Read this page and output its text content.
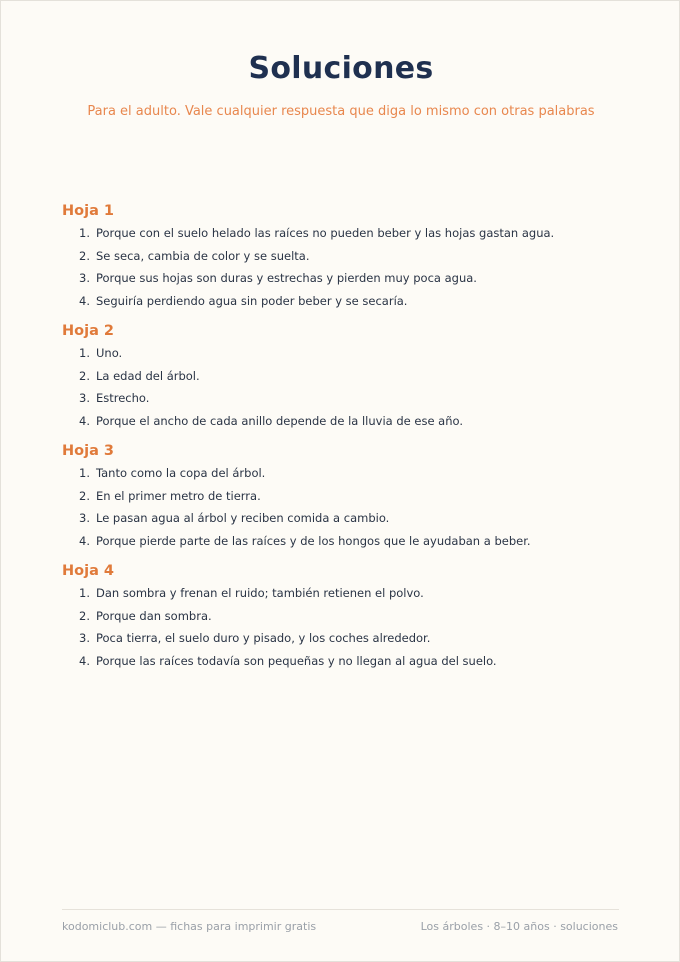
Soluciones
Para el adulto. Vale cualquier respuesta que diga lo mismo con otras palabras
Hoja 1
1. Porque con el suelo helado las raíces no pueden beber y las hojas gastan agua.
2. Se seca, cambia de color y se suelta.
3. Porque sus hojas son duras y estrechas y pierden muy poca agua.
4. Seguiría perdiendo agua sin poder beber y se secaría.
Hoja 2
1. Uno.
2. La edad del árbol.
3. Estrecho.
4. Porque el ancho de cada anillo depende de la lluvia de ese año.
Hoja 3
1. Tanto como la copa del árbol.
2. En el primer metro de tierra.
3. Le pasan agua al árbol y reciben comida a cambio.
4. Porque pierde parte de las raíces y de los hongos que le ayudaban a beber.
Hoja 4
1. Dan sombra y frenan el ruido; también retienen el polvo.
2. Porque dan sombra.
3. Poca tierra, el suelo duro y pisado, y los coches alrededor.
4. Porque las raíces todavía son pequeñas y no llegan al agua del suelo.
kodomiclub.com — fichas para imprimir gratis	Los árboles · 8–10 años · soluciones
